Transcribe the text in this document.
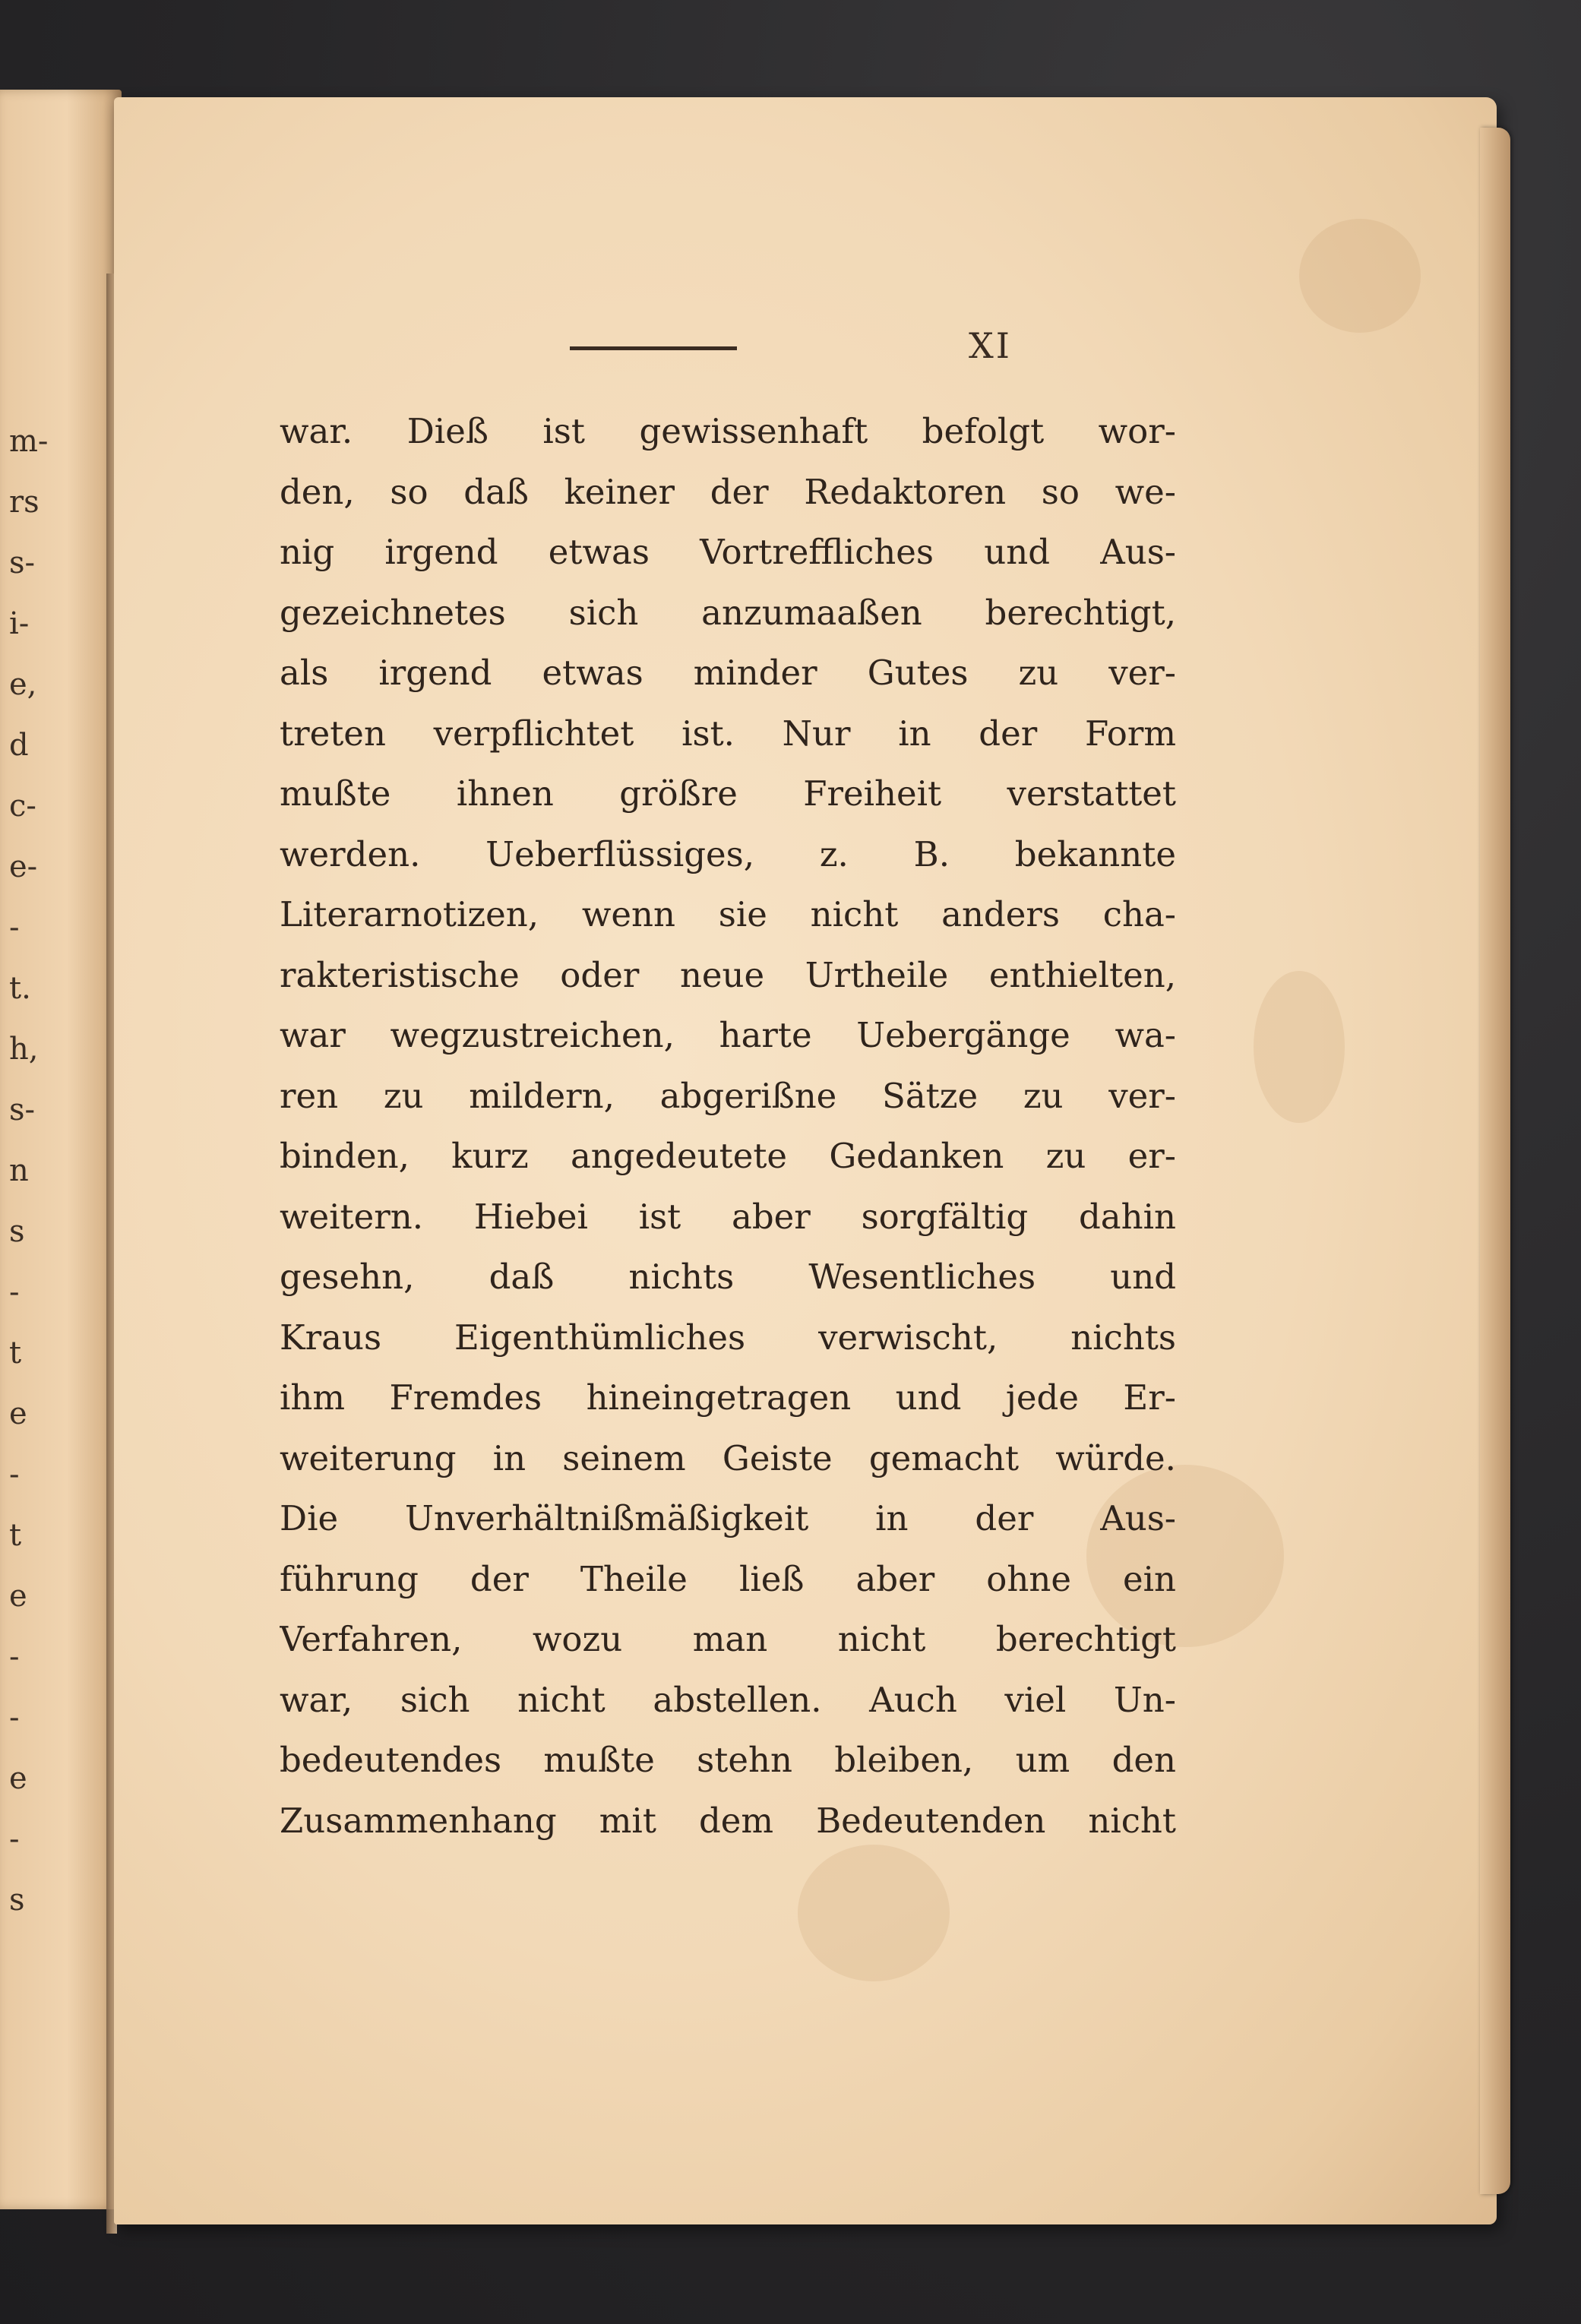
m-
rs
s-
i-
e,
d
c-
e-
-
t.
h,
s-
n
s
-
t
e
-
t
e
-
-
e
-
s
XI
war. Dieß ist gewissenhaft befolgt wor-
den, so daß keiner der Redaktoren so we-
nig irgend etwas Vortreffliches und Aus-
gezeichnetes sich anzumaaßen berechtigt,
als irgend etwas minder Gutes zu ver-
treten verpflichtet ist. Nur in der Form
mußte ihnen größre Freiheit verstattet
werden. Ueberflüssiges, z. B. bekannte
Literarnotizen, wenn sie nicht anders cha-
rakteristische oder neue Urtheile enthielten,
war wegzustreichen, harte Uebergänge wa-
ren zu mildern, abgerißne Sätze zu ver-
binden, kurz angedeutete Gedanken zu er-
weitern. Hiebei ist aber sorgfältig dahin
gesehn, daß nichts Wesentliches und
Kraus Eigenthümliches verwischt, nichts
ihm Fremdes hineingetragen und jede Er-
weiterung in seinem Geiste gemacht würde.
Die Unverhältnißmäßigkeit in der Aus-
führung der Theile ließ aber ohne ein
Verfahren, wozu man nicht berechtigt
war, sich nicht abstellen. Auch viel Un-
bedeutendes mußte stehn bleiben, um den
Zusammenhang mit dem Bedeutenden nicht
